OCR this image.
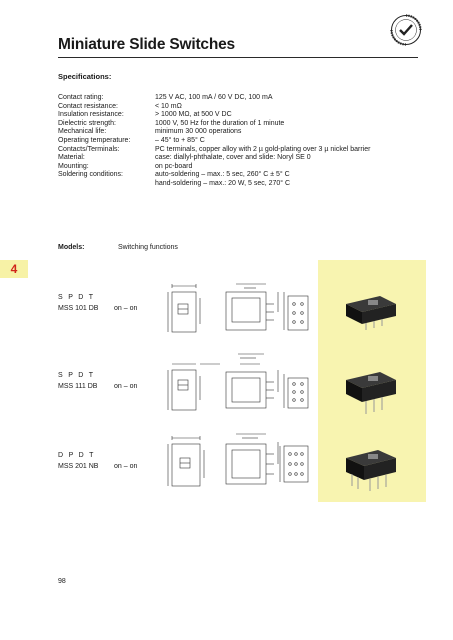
Miniature Slide Switches
Specifications:
Contact rating:	125 V AC, 100 mA / 60 V DC, 100 mA
Contact resistance:	< 10 mΩ
Insulation resistance:	> 1000 MΩ, at 500 V DC
Dielectric strength:	1000 V, 50 Hz for the duration of 1 minute
Mechanical life:	minimum 30 000 operations
Operating temperature:	– 45° to + 85° C
Contacts/Terminals:	PC terminals, copper alloy with 2 µ gold-plating over 3 µ nickel barrier
Material:	case: diallyl-phthalate, cover and slide: Noryl SE 0
Mounting:	on pc-board
Soldering conditions:	auto-soldering – max.: 5 sec, 260° C ± 5° C
hand-soldering – max.: 20 W, 5 sec, 270° C
Models:	Switching functions
4
S P D T
MSS 101 DB on – on
S P D T
MSS 111 DB on – on
D P D T
MSS 201 NB on – on
98
